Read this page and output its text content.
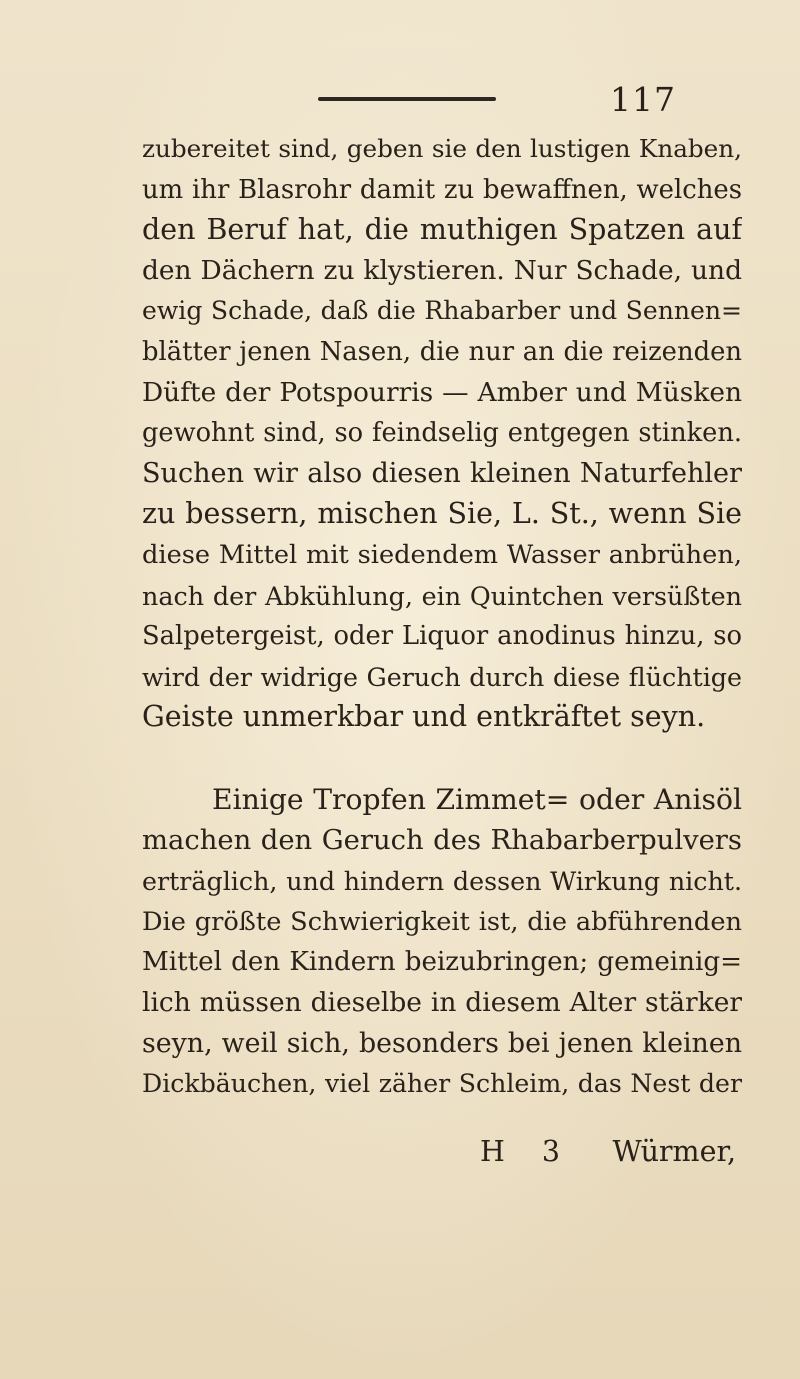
117
zubereitet sind, geben sie den lustigen Knaben,
um ihr Blasrohr damit zu bewaffnen, welches
den Beruf hat, die muthigen Spatzen auf
den Dächern zu klystieren. Nur Schade, und
ewig Schade, daß die Rhabarber und Sennen=
blätter jenen Nasen, die nur an die reizenden
Düfte der Potspourris — Amber und Müsken
gewohnt sind, so feindselig entgegen stinken.
Suchen wir also diesen kleinen Naturfehler
zu bessern, mischen Sie, L. St., wenn Sie
diese Mittel mit siedendem Wasser anbrühen,
nach der Abkühlung, ein Quintchen versüßten
Salpetergeist, oder Liquor anodinus hinzu, so
wird der widrige Geruch durch diese flüchtige
Geiste unmerkbar und entkräftet seyn.
Einige Tropfen Zimmet= oder Anisöl
machen den Geruch des Rhabarberpulvers
erträglich, und hindern dessen Wirkung nicht.
Die größte Schwierigkeit ist, die abführenden
Mittel den Kindern beizubringen; gemeinig=
lich müssen dieselbe in diesem Alter stärker
seyn, weil sich, besonders bei jenen kleinen
Dickbäuchen, viel zäher Schleim, das Nest der
H 3 Würmer,
